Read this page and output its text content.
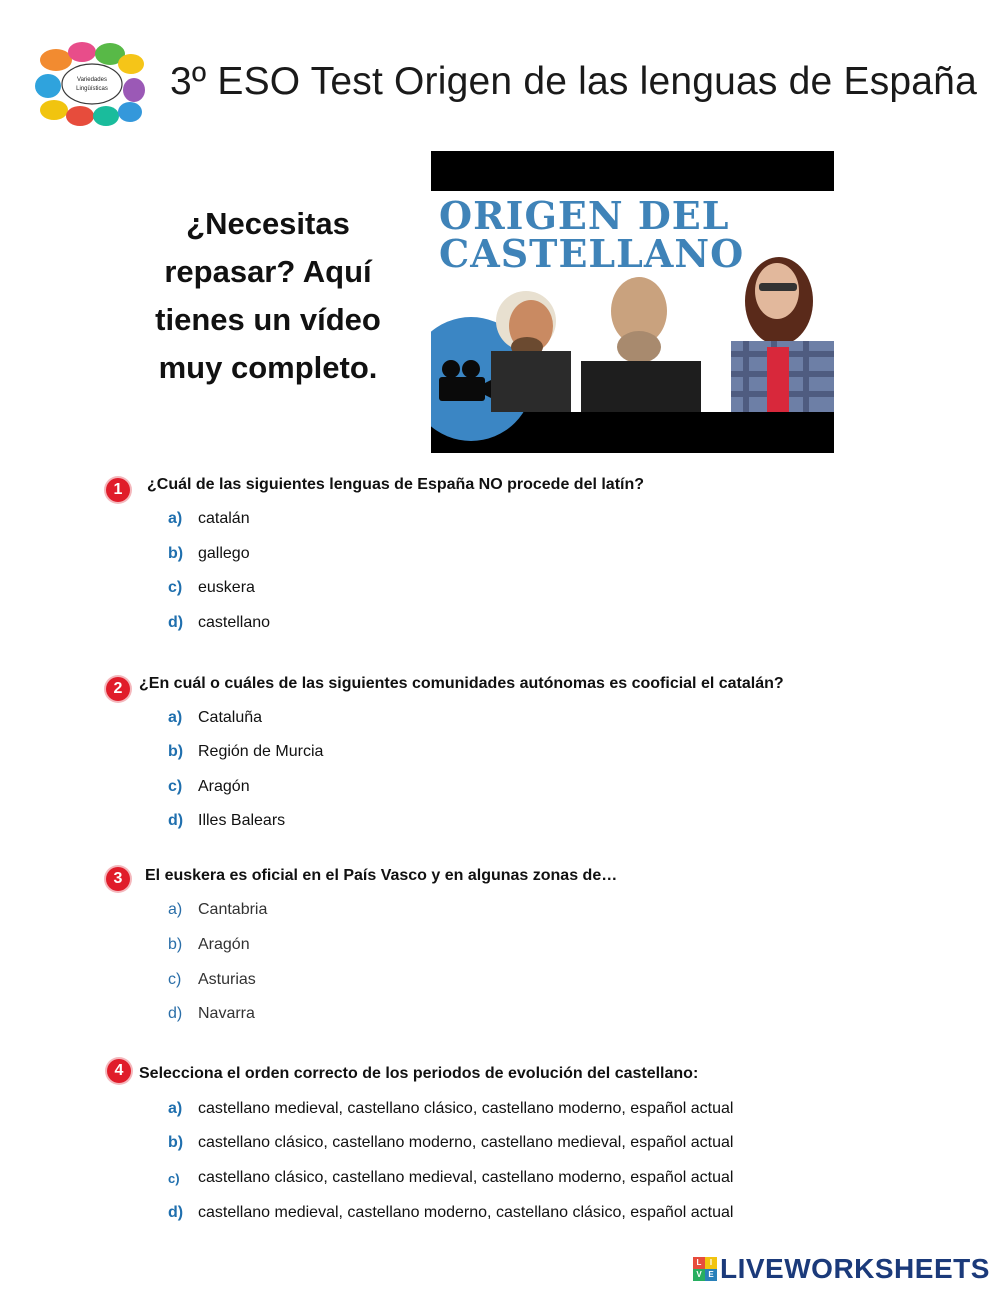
Variedades
Lingüísticas 3º ESO Test Origen de las lenguas de España
¿Necesitas repasar? Aquí tienes un vídeo muy completo.
ORIGEN DEL
CASTELLANO
1	¿Cuál de las siguientes lenguas de España NO procede del latín?
a) catalán
b) gallego
c) euskera
d) castellano
2	¿En cuál o cuáles de las siguientes comunidades autónomas es cooficial el catalán?
a) Cataluña
b) Región de Murcia
c) Aragón
d) Illes Balears
3	El euskera es oficial en el País Vasco y en algunas zonas de…
a) Cantabria
b) Aragón
c)	Asturias
d) Navarra
4 Selecciona el orden correcto de los periodos de evolución del castellano:
a) castellano medieval, castellano clásico, castellano moderno, español actual
b) castellano clásico, castellano moderno, castellano medieval, español actual
c)	castellano clásico, castellano medieval, castellano moderno, español actual
d) castellano medieval, castellano moderno, castellano clásico, español actual
L	I
V E LIVEWORKSHEETS
